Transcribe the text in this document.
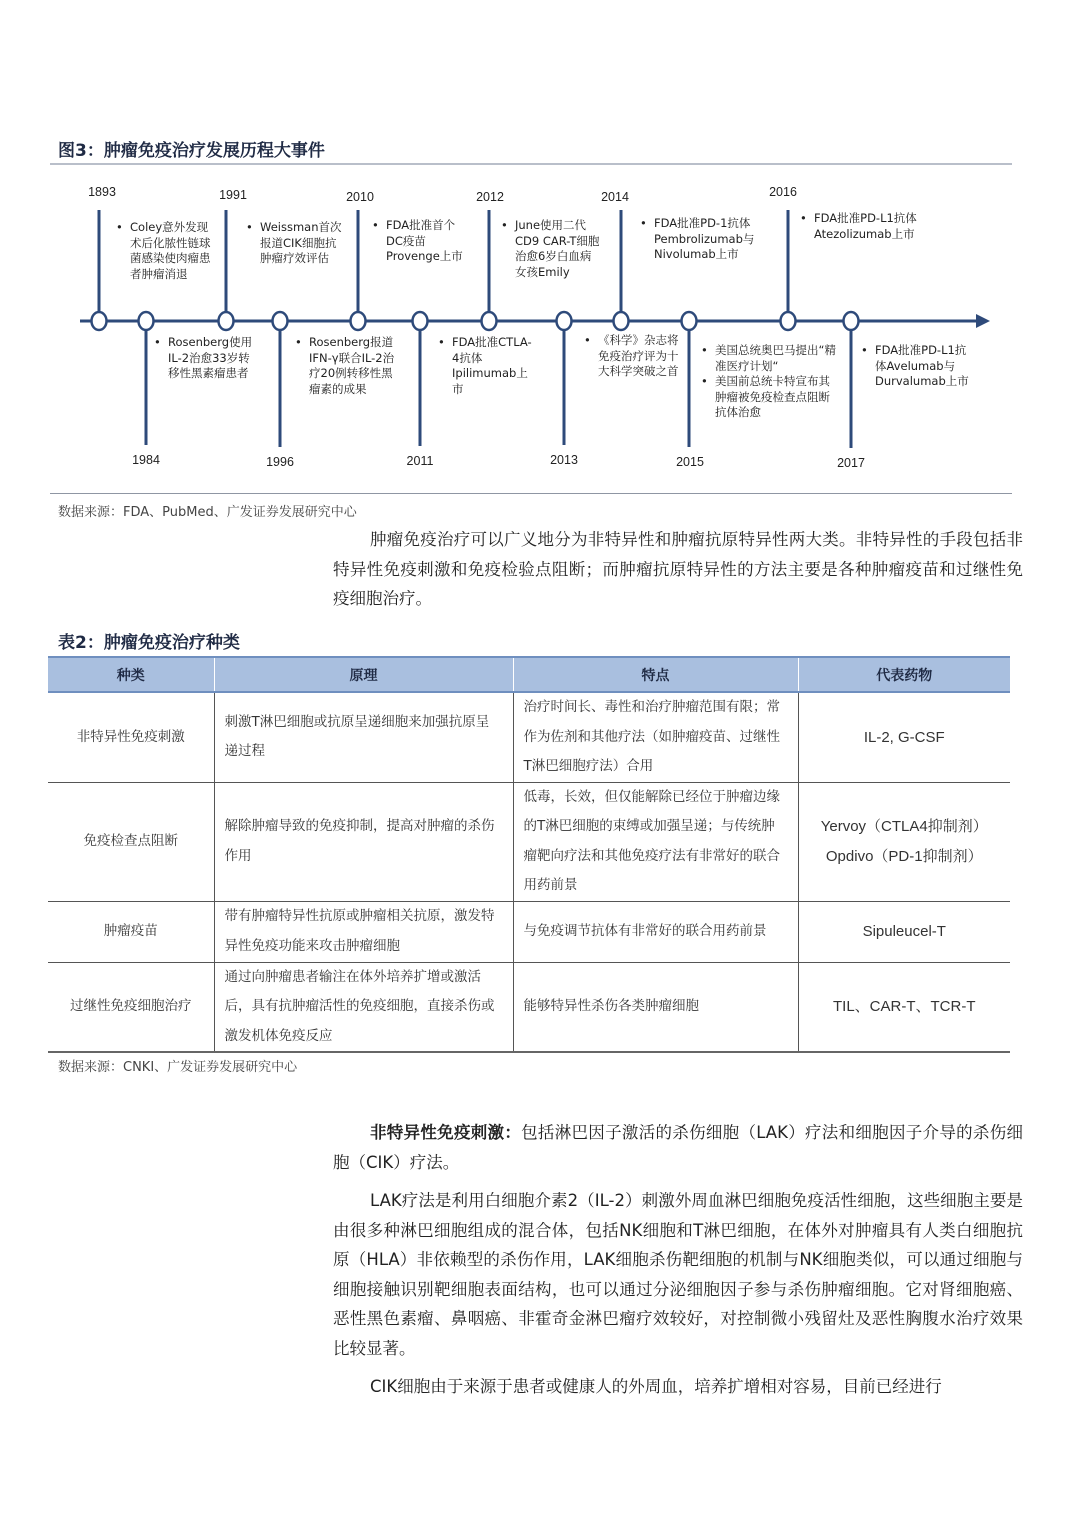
图3：肿瘤免疫治疗发展历程大事件
1893	1991	2010	2012	2014	2016
• Coley意外发现术后化脓性链球菌感染使肉瘤患者肿瘤消退
• Weissman首次报道CIK细胞抗肿瘤疗效评估
• FDA批准首个DC疫苗Provenge上市
• June使用二代CD9 CAR-T细胞治愈6岁白血病女孩Emily
• FDA批准PD-1抗体Pembrolizumab与Nivolumab上市
• FDA批准PD-L1抗体Atezolizumab上市
• Rosenberg使用IL-2治愈33岁转移性黑素瘤患者
• Rosenberg报道IFN-γ联合IL-2治疗20例转移性黑瘤素的成果
• FDA批准CTLA-4抗体Ipilimumab上市
• 《科学》杂志将免疫治疗评为十大科学突破之首
• 美国总统奥巴马提出“精准医疗计划“
• 美国前总统卡特宣布其肿瘤被免疫检查点阻断抗体治愈
• FDA批准PD-L1抗体Avelumab与Durvalumab上市
1984	1996	2011	2013	2015	2017
数据来源：FDA、PubMed、广发证券发展研究中心
肿瘤免疫治疗可以广义地分为非特异性和肿瘤抗原特异性两大类。非特异性的手段包括非特异性免疫刺激和免疫检验点阻断；而肿瘤抗原特异性的方法主要是各种肿瘤疫苗和过继性免疫细胞治疗。
表2：肿瘤免疫治疗种类
种类	原理	特点	代表药物
非特异性免疫刺激	刺激T淋巴细胞或抗原呈递细胞来加强抗原呈递过程	治疗时间长、毒性和治疗肿瘤范围有限；常作为佐剂和其他疗法（如肿瘤疫苗、过继性T淋巴细胞疗法）合用	IL-2, G-CSF
免疫检查点阻断	解除肿瘤导致的免疫抑制，提高对肿瘤的杀伤作用	低毒，长效，但仅能解除已经位于肿瘤边缘的T淋巴细胞的束缚或加强呈递；与传统肿瘤靶向疗法和其他免疫疗法有非常好的联合用药前景	Yervoy（CTLA4抑制剂）
Opdivo（PD-1抑制剂）

肿瘤疫苗	带有肿瘤特异性抗原或肿瘤相关抗原，激发特异性免疫功能来攻击肿瘤细胞	与免疫调节抗体有非常好的联合用药前景	Sipuleucel-T
过继性免疫细胞治疗	通过向肿瘤患者输注在体外培养扩增或激活后，具有抗肿瘤活性的免疫细胞，直接杀伤或激发机体免疫反应	能够特异性杀伤各类肿瘤细胞	TIL、CAR-T、TCR-T
数据来源：CNKI、广发证券发展研究中心
非特异性免疫刺激：包括淋巴因子激活的杀伤细胞（LAK）疗法和细胞因子介导的杀伤细胞（CIK）疗法。
LAK疗法是利用白细胞介素2（IL-2）刺激外周血淋巴细胞免疫活性细胞，这些细胞主要是由很多种淋巴细胞组成的混合体，包括NK细胞和T淋巴细胞，在体外对肿瘤具有人类白细胞抗原（HLA）非依赖型的杀伤作用，LAK细胞杀伤靶细胞的机制与NK细胞类似，可以通过细胞与细胞接触识别靶细胞表面结构，也可以通过分泌细胞因子参与杀伤肿瘤细胞。它对肾细胞癌、恶性黑色素瘤、鼻咽癌、非霍奇金淋巴瘤疗效较好，对控制微小残留灶及恶性胸腹水治疗效果比较显著。
CIK细胞由于来源于患者或健康人的外周血，培养扩增相对容易，目前已经进行
